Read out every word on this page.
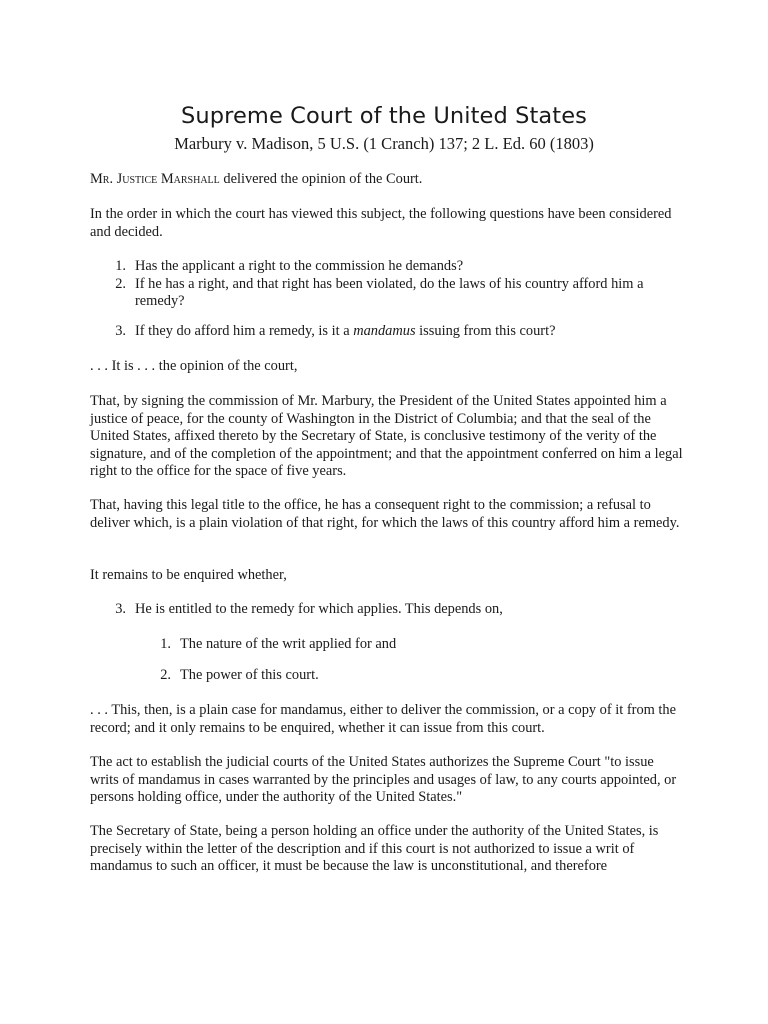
Supreme Court of the United States
Marbury v. Madison, 5 U.S. (1 Cranch) 137; 2 L. Ed. 60 (1803)

Mr. Justice Marshall delivered the opinion of the Court.

In the order in which the court has viewed this subject, the following questions have been considered and decided.

1. Has the applicant a right to the commission he demands?
2. If he has a right, and that right has been violated, do the laws of his country afford him a remedy?
3. If they do afford him a remedy, is it a mandamus issuing from this court?

. . . It is . . . the opinion of the court,

That, by signing the commission of Mr. Marbury, the President of the United States appointed him a justice of peace, for the county of Washington in the District of Columbia; and that the seal of the United States, affixed thereto by the Secretary of State, is conclusive testimony of the verity of the signature, and of the completion of the appointment; and that the appointment conferred on him a legal right to the office for the space of five years.

That, having this legal title to the office, he has a consequent right to the commission; a refusal to deliver which, is a plain violation of that right, for which the laws of this country afford him a remedy.

It remains to be enquired whether,

3. He is entitled to the remedy for which applies. This depends on,
1. The nature of the writ applied for and
2. The power of this court.

. . . This, then, is a plain case for mandamus, either to deliver the commission, or a copy of it from the record; and it only remains to be enquired, whether it can issue from this court.

The act to establish the judicial courts of the United States authorizes the Supreme Court "to issue writs of mandamus in cases warranted by the principles and usages of law, to any courts appointed, or persons holding office, under the authority of the United States."

The Secretary of State, being a person holding an office under the authority of the United States, is precisely within the letter of the description and if this court is not authorized to issue a writ of mandamus to such an officer, it must be because the law is unconstitutional, and therefore
